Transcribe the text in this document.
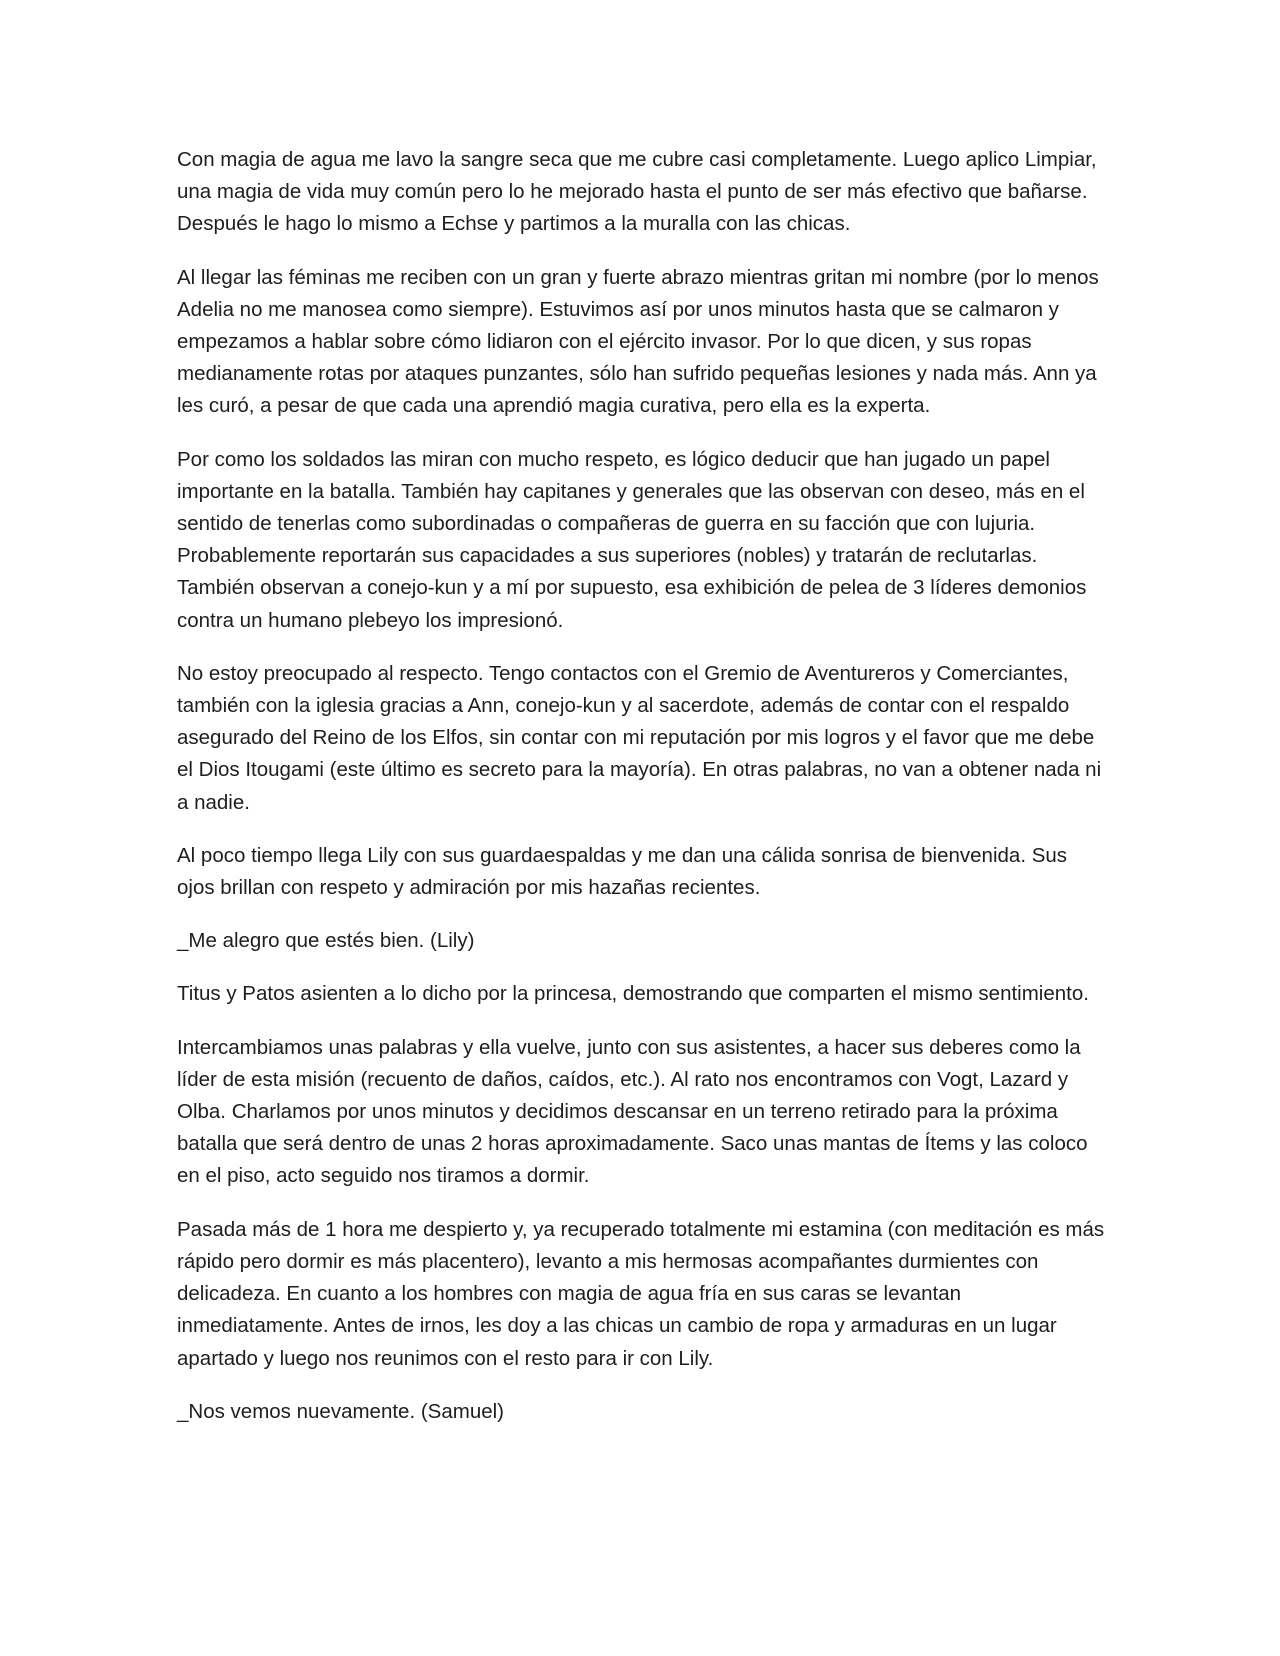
Con magia de agua me lavo la sangre seca que me cubre casi completamente. Luego aplico Limpiar, una magia de vida muy común pero lo he mejorado hasta el punto de ser más efectivo que bañarse. Después le hago lo mismo a Echse y partimos a la muralla con las chicas.

Al llegar las féminas me reciben con un gran y fuerte abrazo mientras gritan mi nombre (por lo menos Adelia no me manosea como siempre). Estuvimos así por unos minutos hasta que se calmaron y empezamos a hablar sobre cómo lidiaron con el ejército invasor. Por lo que dicen, y sus ropas medianamente rotas por ataques punzantes, sólo han sufrido pequeñas lesiones y nada más. Ann ya les curó, a pesar de que cada una aprendió magia curativa, pero ella es la experta.

Por como los soldados las miran con mucho respeto, es lógico deducir que han jugado un papel importante en la batalla. También hay capitanes y generales que las observan con deseo, más en el sentido de tenerlas como subordinadas o compañeras de guerra en su facción que con lujuria. Probablemente reportarán sus capacidades a sus superiores (nobles) y tratarán de reclutarlas. También observan a conejo-kun y a mí por supuesto, esa exhibición de pelea de 3 líderes demonios contra un humano plebeyo los impresionó.

No estoy preocupado al respecto. Tengo contactos con el Gremio de Aventureros y Comerciantes, también con la iglesia gracias a Ann, conejo-kun y al sacerdote, además de contar con el respaldo asegurado del Reino de los Elfos, sin contar con mi reputación por mis logros y el favor que me debe el Dios Itougami (este último es secreto para la mayoría). En otras palabras, no van a obtener nada ni a nadie.

Al poco tiempo llega Lily con sus guardaespaldas y me dan una cálida sonrisa de bienvenida. Sus ojos brillan con respeto y admiración por mis hazañas recientes.

_Me alegro que estés bien. (Lily)

Titus y Patos asienten a lo dicho por la princesa, demostrando que comparten el mismo sentimiento.

Intercambiamos unas palabras y ella vuelve, junto con sus asistentes, a hacer sus deberes como la líder de esta misión (recuento de daños, caídos, etc.). Al rato nos encontramos con Vogt, Lazard y Olba. Charlamos por unos minutos y decidimos descansar en un terreno retirado para la próxima batalla que será dentro de unas 2 horas aproximadamente. Saco unas mantas de Ítems y las coloco en el piso, acto seguido nos tiramos a dormir.

Pasada más de 1 hora me despierto y, ya recuperado totalmente mi estamina (con meditación es más rápido pero dormir es más placentero), levanto a mis hermosas acompañantes durmientes con delicadeza. En cuanto a los hombres con magia de agua fría en sus caras se levantan inmediatamente. Antes de irnos, les doy a las chicas un cambio de ropa y armaduras en un lugar apartado y luego nos reunimos con el resto para ir con Lily.

_Nos vemos nuevamente. (Samuel)
